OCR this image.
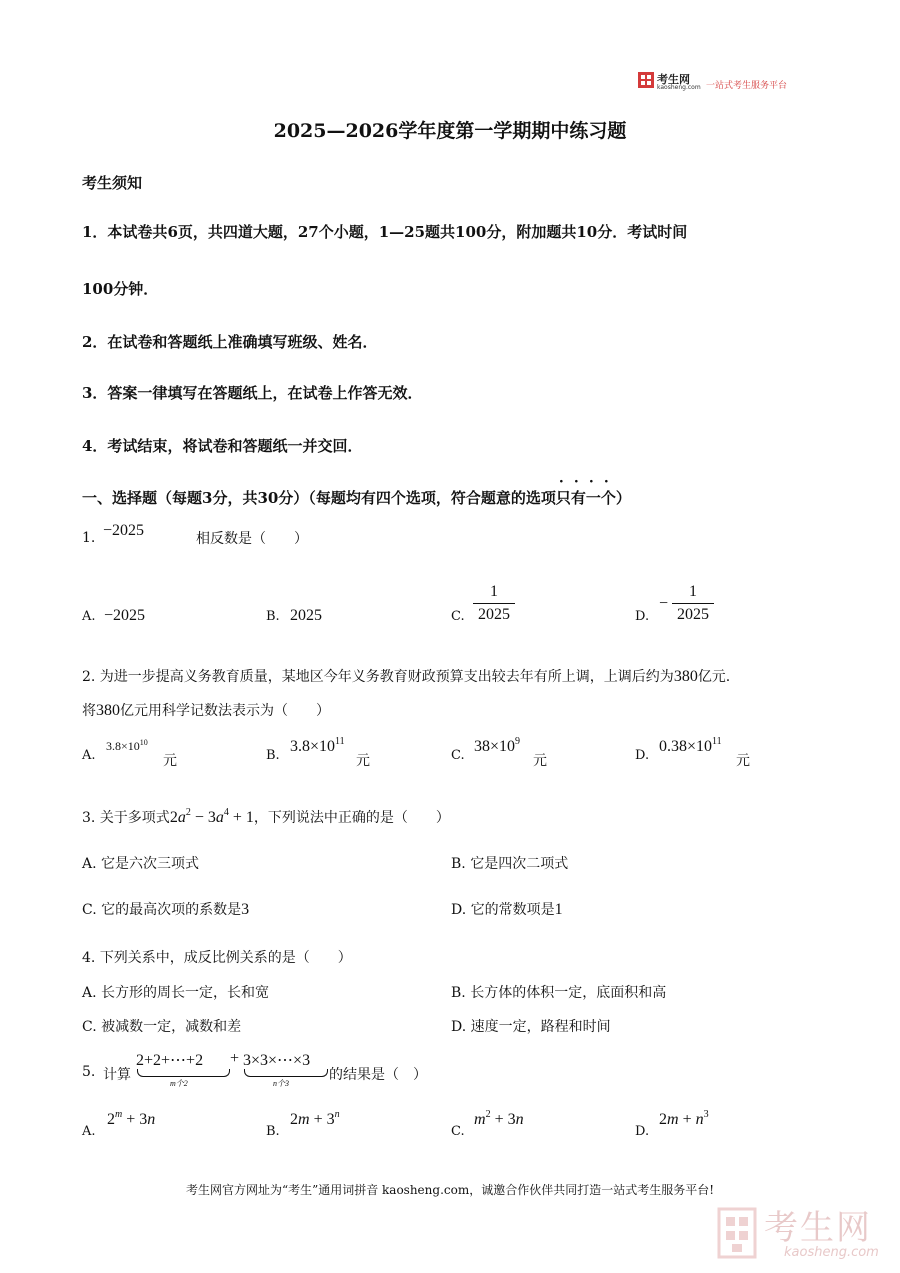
考生网
kaosheng.com 一站式考生服务平台
2025—2026学年度第一学期期中练习题
考生须知
1．本试卷共6页，共四道大题，27个小题，1—25题共100分，附加题共10分．考试时间
100分钟．
2．在试卷和答题纸上准确填写班级、姓名．
3．答案一律填写在答题纸上，在试卷上作答无效．
4．考试结束，将试卷和答题纸一并交回．
一、选择题（每题3分，共30分）（每题均有四个选项，符合题意的选项只有一个）
1. −2025	相反数是（　　）
A. −2025	B. 2025	C.
1
2025	D.
−
1
2025
2. 为进一步提高义务教育质量，某地区今年义务教育财政预算支出较去年有所上调，上调后约为380亿元.
将380亿元用科学记数法表示为（　　）
A.
$3.8\times 10^{10}$
元	B.
$3.8\times 10^{11}$
元	C.
$38\times 10^9$
元	D.
$0.38\times 10^{11}$
元
3. 关于多项式$2a^2 - 3a^4 + 1$，下列说法中正确的是（　　）
A. 它是六次三项式	B. 它是四次二项式
C. 它的最高次项的系数是3	D. 它的常数项是1
4. 下列关系中，成反比例关系的是（　　）
A. 长方形的周长一定，长和宽	B. 长方体的体积一定，底面积和高
C. 被减数一定，减数和差	D. 速度一定，路程和时间
5. 计算
2+2+⋯+2
m个2
+ 3×3×⋯×3
n个3
的结果是（　）
A.
$2^m + 3n$
B.
$2m + 3^n$
C.
$m^2 + 3n$
D.
$2m + n^3$
考生网官方网址为“考生”通用词拼音 kaosheng.com，诚邀合作伙伴共同打造一站式考生服务平台!
考生网
kaosheng.com
